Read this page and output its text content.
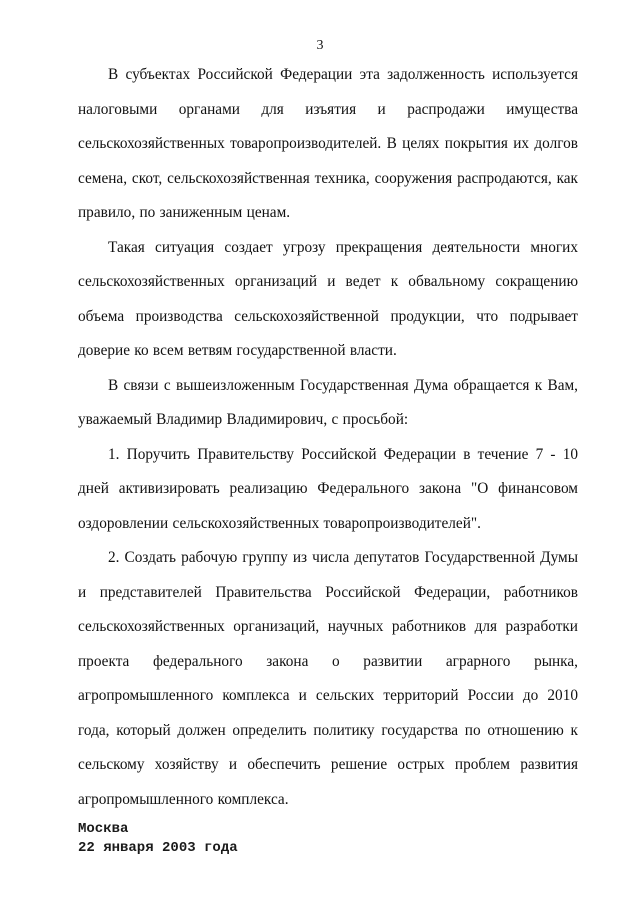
3

В субъектах Российской Федерации эта задолженность используется налоговыми органами для изъятия и распродажи имущества сельскохозяйственных товаропроизводителей. В целях покрытия их долгов семена, скот, сельскохозяйственная техника, сооружения распродаются, как правило, по заниженным ценам.

Такая ситуация создает угрозу прекращения деятельности многих сельскохозяйственных организаций и ведет к обвальному сокращению объема производства сельскохозяйственной продукции, что подрывает доверие ко всем ветвям государственной власти.

В связи с вышеизложенным Государственная Дума обращается к Вам, уважаемый Владимир Владимирович, с просьбой:

1. Поручить Правительству Российской Федерации в течение 7 - 10 дней активизировать реализацию Федерального закона "О финансовом оздоровлении сельскохозяйственных товаропроизводителей".

2. Создать рабочую группу из числа депутатов Государственной Думы и представителей Правительства Российской Федерации, работников сельскохозяйственных организаций, научных работников для разработки проекта федерального закона о развитии аграрного рынка, агропромышленного комплекса и сельских территорий России до 2010 года, который должен определить политику государства по отношению к сельскому хозяйству и обеспечить решение острых проблем развития агропромышленного комплекса.

Москва
22 января 2003 года
